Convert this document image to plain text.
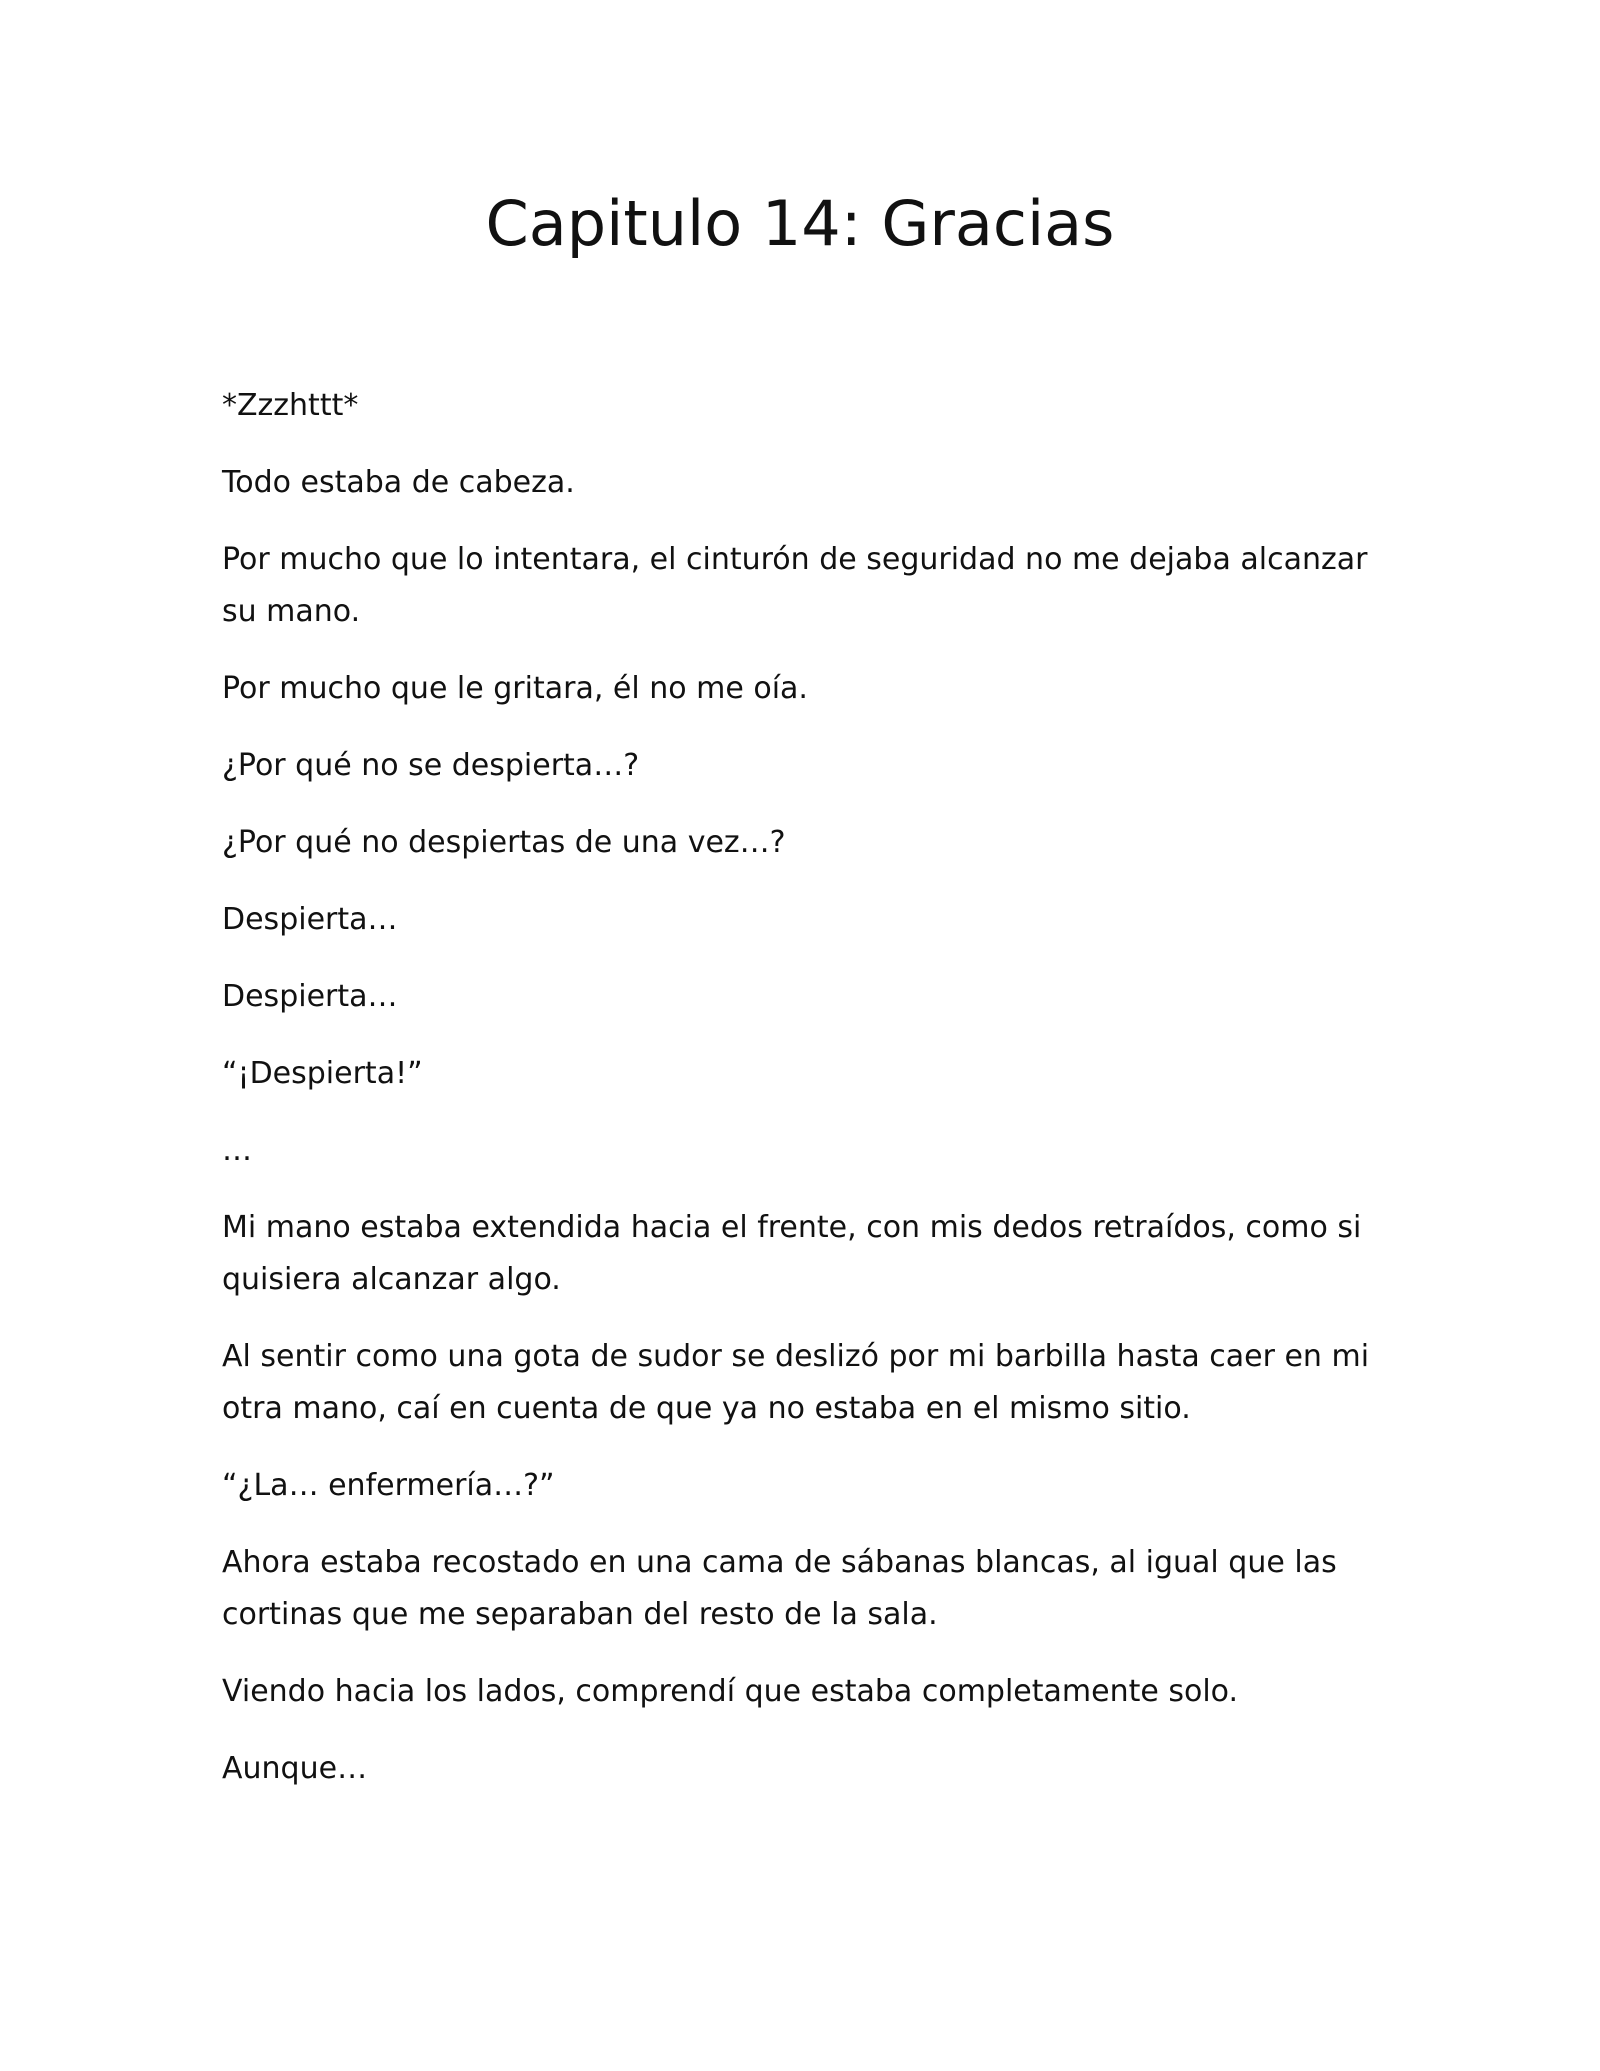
Capitulo 14: Gracias

*Zzzhttt*

Todo estaba de cabeza.

Por mucho que lo intentara, el cinturón de seguridad no me dejaba alcanzar su mano.

Por mucho que le gritara, él no me oía.

¿Por qué no se despierta…?

¿Por qué no despiertas de una vez…?

Despierta…

Despierta…

“¡Despierta!”

…

Mi mano estaba extendida hacia el frente, con mis dedos retraídos, como si quisiera alcanzar algo.

Al sentir como una gota de sudor se deslizó por mi barbilla hasta caer en mi otra mano, caí en cuenta de que ya no estaba en el mismo sitio.

“¿La… enfermería…?”

Ahora estaba recostado en una cama de sábanas blancas, al igual que las cortinas que me separaban del resto de la sala.

Viendo hacia los lados, comprendí que estaba completamente solo.

Aunque…
